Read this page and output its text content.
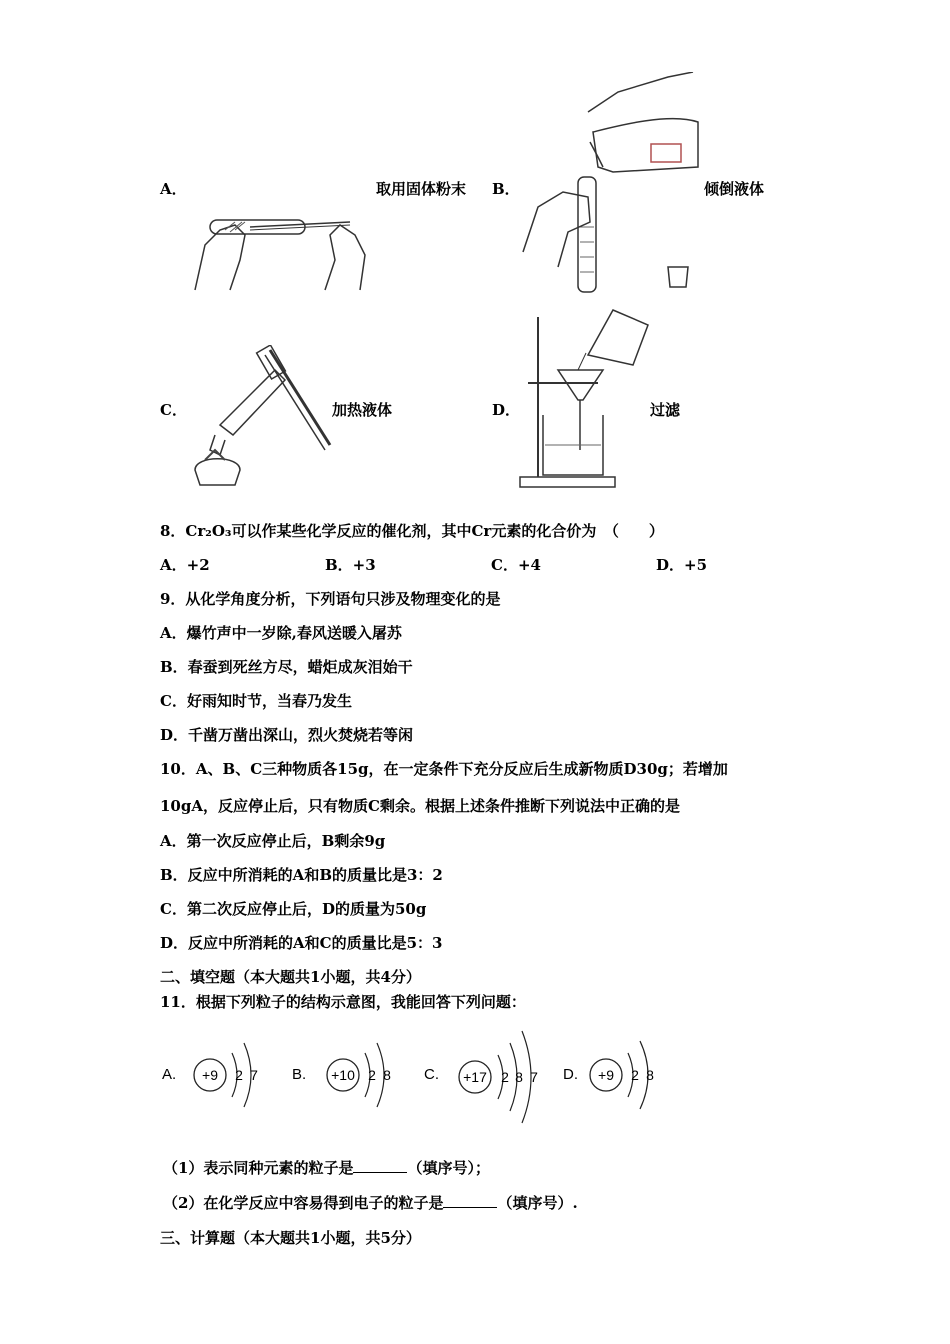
A．	取用固体粉末 B．	倾倒液体
C．	加热液体	D．	过滤
8．Cr₂O₃可以作某些化学反应的催化剂，其中Cr元素的化合价为　（　　）
A．+2	B．+3	C．+4	D．+5
9．从化学角度分析，下列语句只涉及物理变化的是
A．爆竹声中一岁除,春风送暖入屠苏
B．春蚕到死丝方尽，蜡炬成灰泪始干
C．好雨知时节，当春乃发生
D．千凿万凿出深山，烈火焚烧若等闲
10．A、B、C三种物质各15g，在一定条件下充分反应后生成新物质D30g；若增加
10gA，反应停止后，只有物质C剩余。根据上述条件推断下列说法中正确的是
A．第一次反应停止后，B剩余9g
B．反应中所消耗的A和B的质量比是3：2
C．第二次反应停止后，D的质量为50g
D．反应中所消耗的A和C的质量比是5：3
二、填空题（本大题共1小题，共4分）
11．根据下列粒子的结构示意图，我能回答下列问题：
A. +9 2 7 B. +10 2 8 C. +17 2 8 7 D. +9 2 8
（1）表示同种元素的粒子是	（填序号）；
（2）在化学反应中容易得到电子的粒子是	（填序号）.
三、计算题（本大题共1小题，共5分）
